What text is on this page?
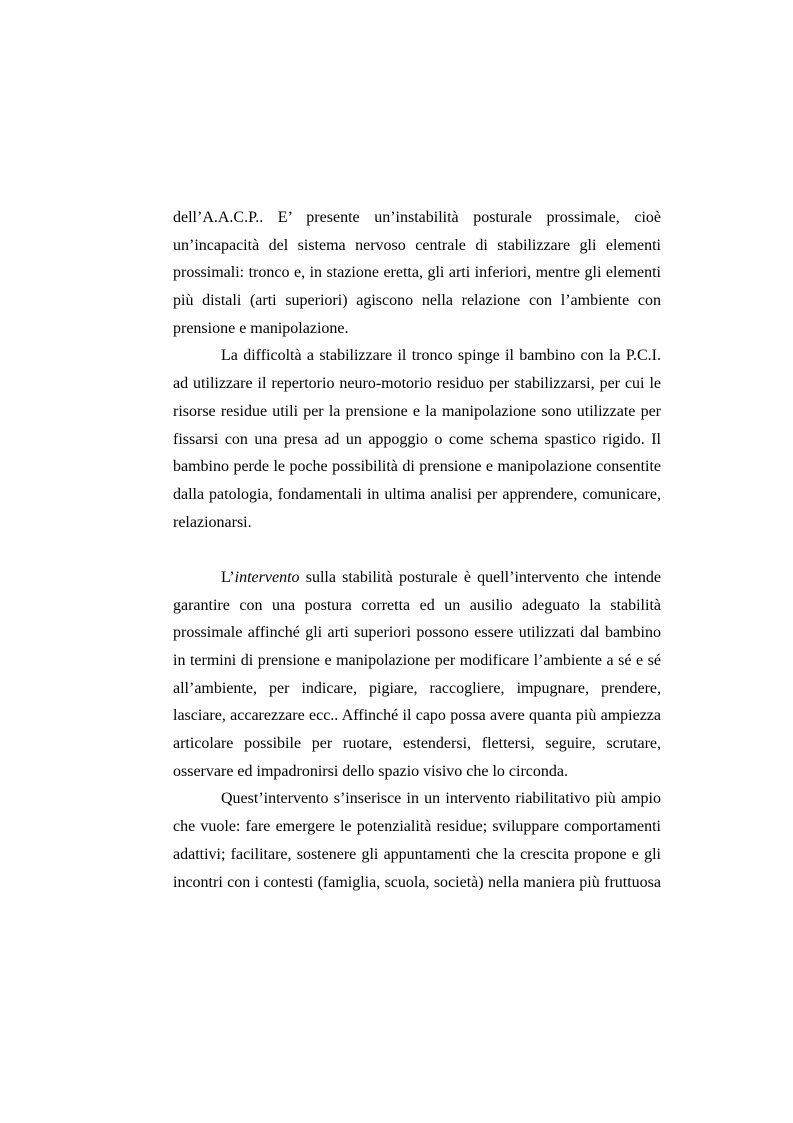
dell’A.A.C.P.. E’ presente un’instabilità posturale prossimale, cioè
un’incapacità del sistema nervoso centrale di stabilizzare gli elementi
prossimali: tronco e, in stazione eretta, gli arti inferiori, mentre gli elementi
più distali (arti superiori) agiscono nella relazione con l’ambiente con
prensione e manipolazione.
La difficoltà a stabilizzare il tronco spinge il bambino con la P.C.I.
ad utilizzare il repertorio neuro-motorio residuo per stabilizzarsi, per cui le
risorse residue utili per la prensione e la manipolazione sono utilizzate per
fissarsi con una presa ad un appoggio o come schema spastico rigido. Il
bambino perde le poche possibilità di prensione e manipolazione consentite
dalla patologia, fondamentali in ultima analisi per apprendere, comunicare,
relazionarsi.
L’intervento sulla stabilità posturale è quell’intervento che intende
garantire con una postura corretta ed un ausilio adeguato la stabilità
prossimale affinché gli arti superiori possono essere utilizzati dal bambino
in termini di prensione e manipolazione per modificare l’ambiente a sé e sé
all’ambiente, per indicare, pigiare, raccogliere, impugnare, prendere,
lasciare, accarezzare ecc.. Affinché il capo possa avere quanta più ampiezza
articolare possibile per ruotare, estendersi, flettersi, seguire, scrutare,
osservare ed impadronirsi dello spazio visivo che lo circonda.
Quest’intervento s’inserisce in un intervento riabilitativo più ampio
che vuole: fare emergere le potenzialità residue; sviluppare comportamenti
adattivi; facilitare, sostenere gli appuntamenti che la crescita propone e gli
incontri con i contesti (famiglia, scuola, società) nella maniera più fruttuosa
